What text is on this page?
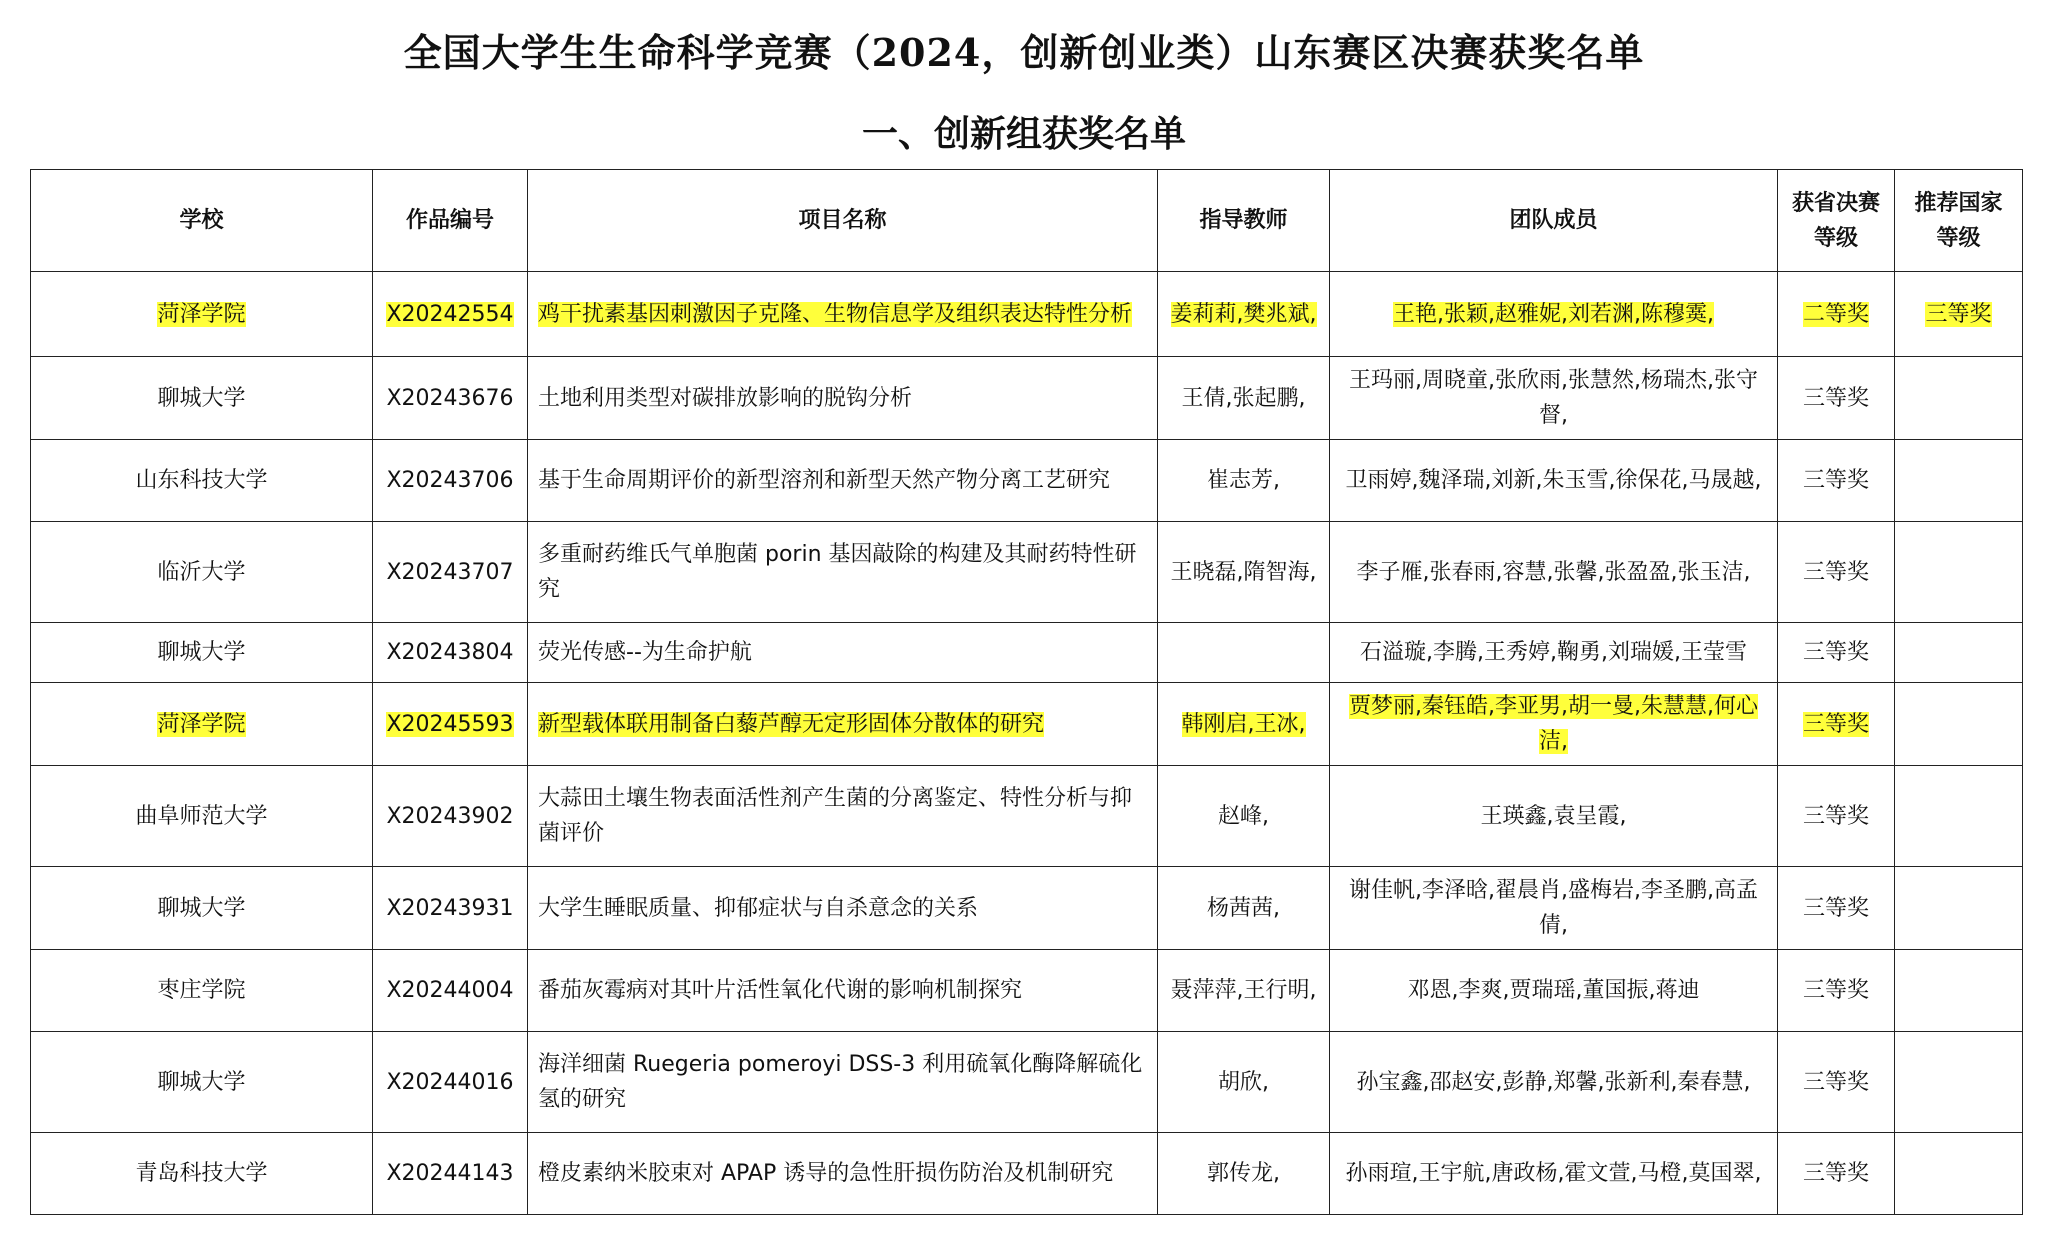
全国大学生生命科学竞赛（2024，创新创业类）山东赛区决赛获奖名单
一、创新组获奖名单
学校	作品编号	项目名称	指导教师	团队成员	获省决赛等级	推荐国家等级
菏泽学院	X20242554	鸡干扰素基因刺激因子克隆、生物信息学及组织表达特性分析	姜莉莉,樊兆斌,	王艳,张颖,赵雅妮,刘若渊,陈穆霙,	二等奖	三等奖
聊城大学	X20243676	土地利用类型对碳排放影响的脱钩分析	王倩,张起鹏,	王玛丽,周晓童,张欣雨,张慧然,杨瑞杰,张守督,	三等奖	
山东科技大学	X20243706	基于生命周期评价的新型溶剂和新型天然产物分离工艺研究	崔志芳,	卫雨婷,魏泽瑞,刘新,朱玉雪,徐保花,马晟越,	三等奖	
临沂大学	X20243707	多重耐药维氏气单胞菌 porin 基因敲除的构建及其耐药特性研究	王晓磊,隋智海,	李子雁,张春雨,容慧,张馨,张盈盈,张玉洁,	三等奖	
聊城大学	X20243804	荧光传感--为生命护航		石溢璇,李腾,王秀婷,鞠勇,刘瑞媛,王莹雪	三等奖	
菏泽学院	X20245593	新型载体联用制备白藜芦醇无定形固体分散体的研究	韩刚启,王冰,	贾梦丽,秦钰皓,李亚男,胡一曼,朱慧慧,何心洁,	三等奖	
曲阜师范大学	X20243902	大蒜田土壤生物表面活性剂产生菌的分离鉴定、特性分析与抑菌评价	赵峰,	王瑛鑫,袁呈霞,	三等奖	
聊城大学	X20243931	大学生睡眠质量、抑郁症状与自杀意念的关系	杨茜茜,	谢佳帆,李泽晗,翟晨肖,盛梅岩,李圣鹏,高孟倩,	三等奖	
枣庄学院	X20244004	番茄灰霉病对其叶片活性氧化代谢的影响机制探究	聂萍萍,王行明,	邓恩,李爽,贾瑞瑶,董国振,蒋迪	三等奖	
聊城大学	X20244016	海洋细菌 Ruegeria pomeroyi DSS-3 利用硫氧化酶降解硫化氢的研究	胡欣,	孙宝鑫,邵赵安,彭静,郑馨,张新利,秦春慧,	三等奖	
青岛科技大学	X20244143	橙皮素纳米胶束对 APAP 诱导的急性肝损伤防治及机制研究	郭传龙,	孙雨瑄,王宇航,唐政杨,霍文萱,马橙,莫国翠,	三等奖	
